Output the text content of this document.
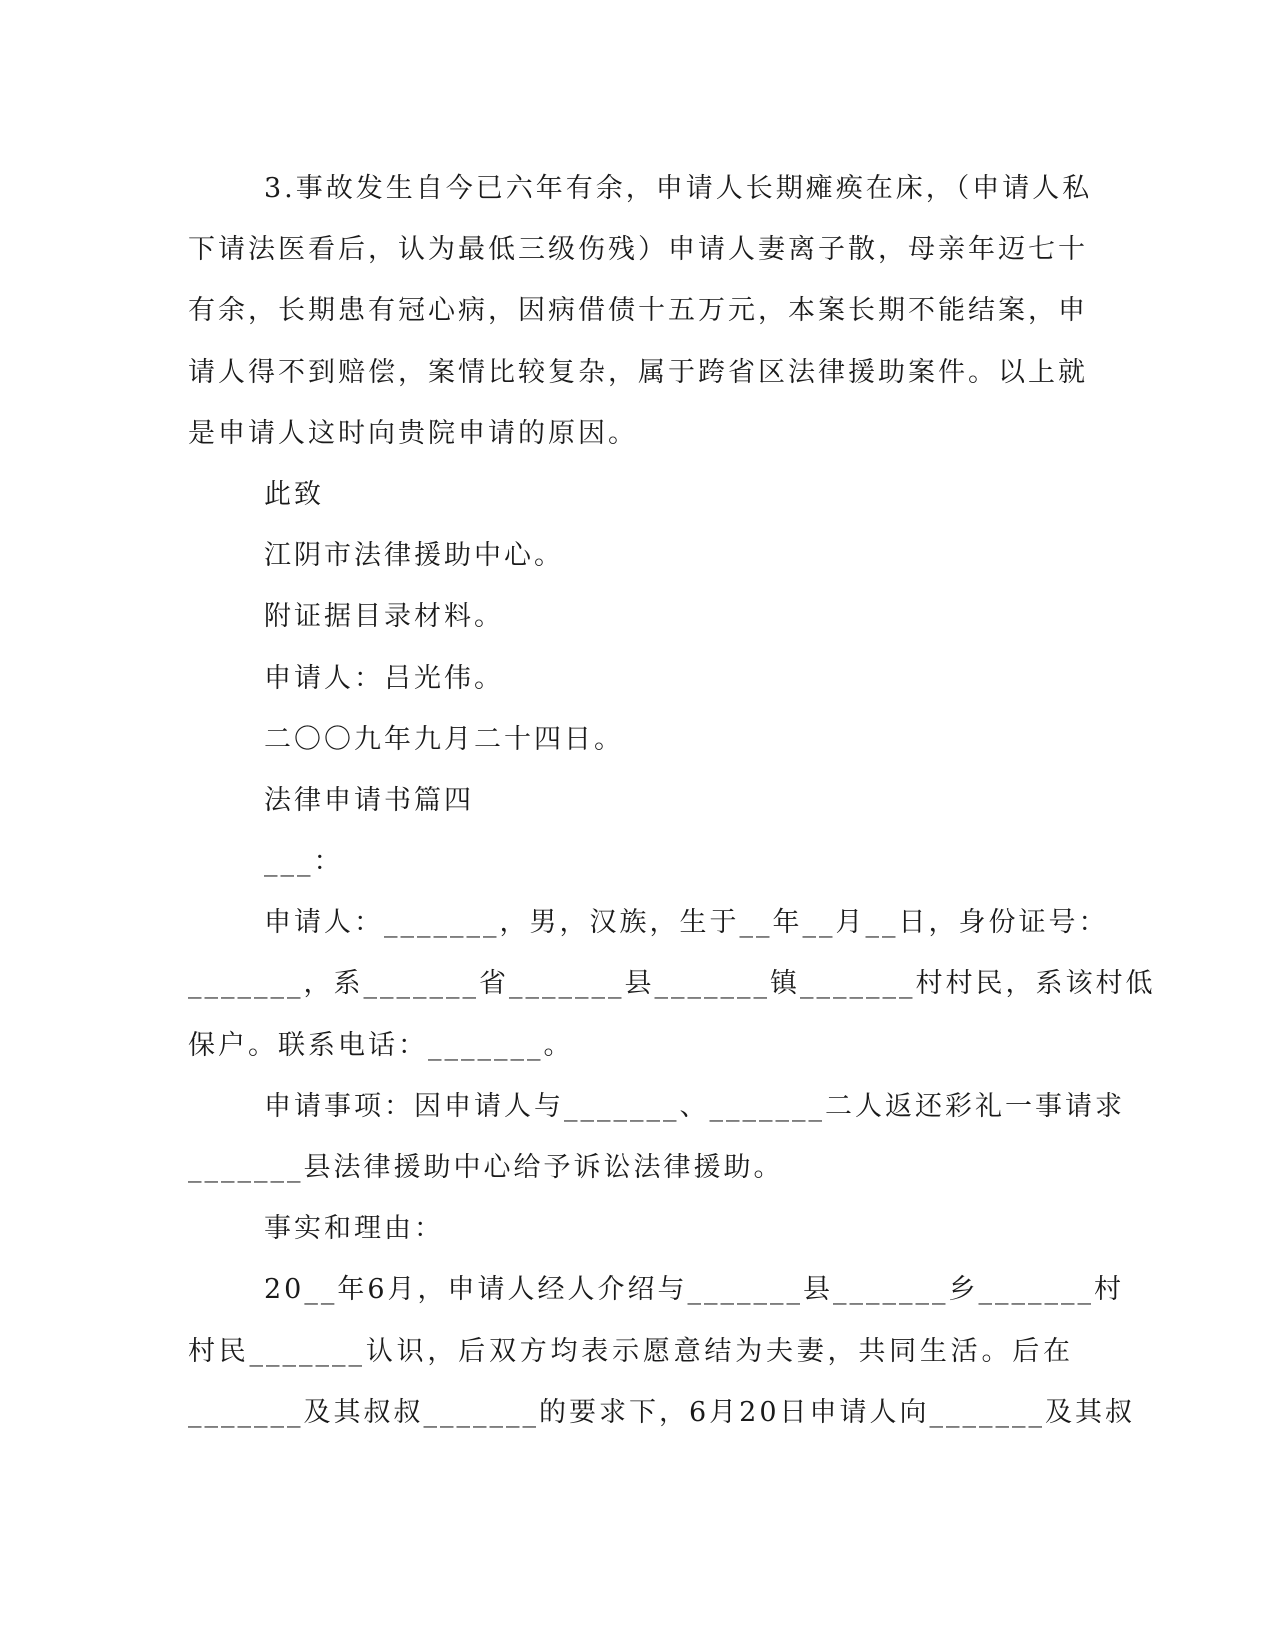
3.事故发生自今已六年有余，申请人长期瘫痪在床，（申请人私
下请法医看后，认为最低三级伤残）申请人妻离子散，母亲年迈七十
有余，长期患有冠心病，因病借债十五万元，本案长期不能结案，申
请人得不到赔偿，案情比较复杂，属于跨省区法律援助案件。以上就
是申请人这时向贵院申请的原因。
此致
江阴市法律援助中心。
附证据目录材料。
申请人：吕光伟。
二〇〇九年九月二十四日。
法律申请书篇四
___：
申请人：_______，男，汉族，生于__年__月__日，身份证号：
_______，系_______省_______县_______镇_______村村民，系该村低
保户。联系电话：_______。
申请事项：因申请人与_______、_______二人返还彩礼一事请求
_______县法律援助中心给予诉讼法律援助。
事实和理由：
20__年6月，申请人经人介绍与_______县_______乡_______村
村民_______认识，后双方均表示愿意结为夫妻，共同生活。后在
_______及其叔叔_______的要求下，6月20日申请人向_______及其叔
